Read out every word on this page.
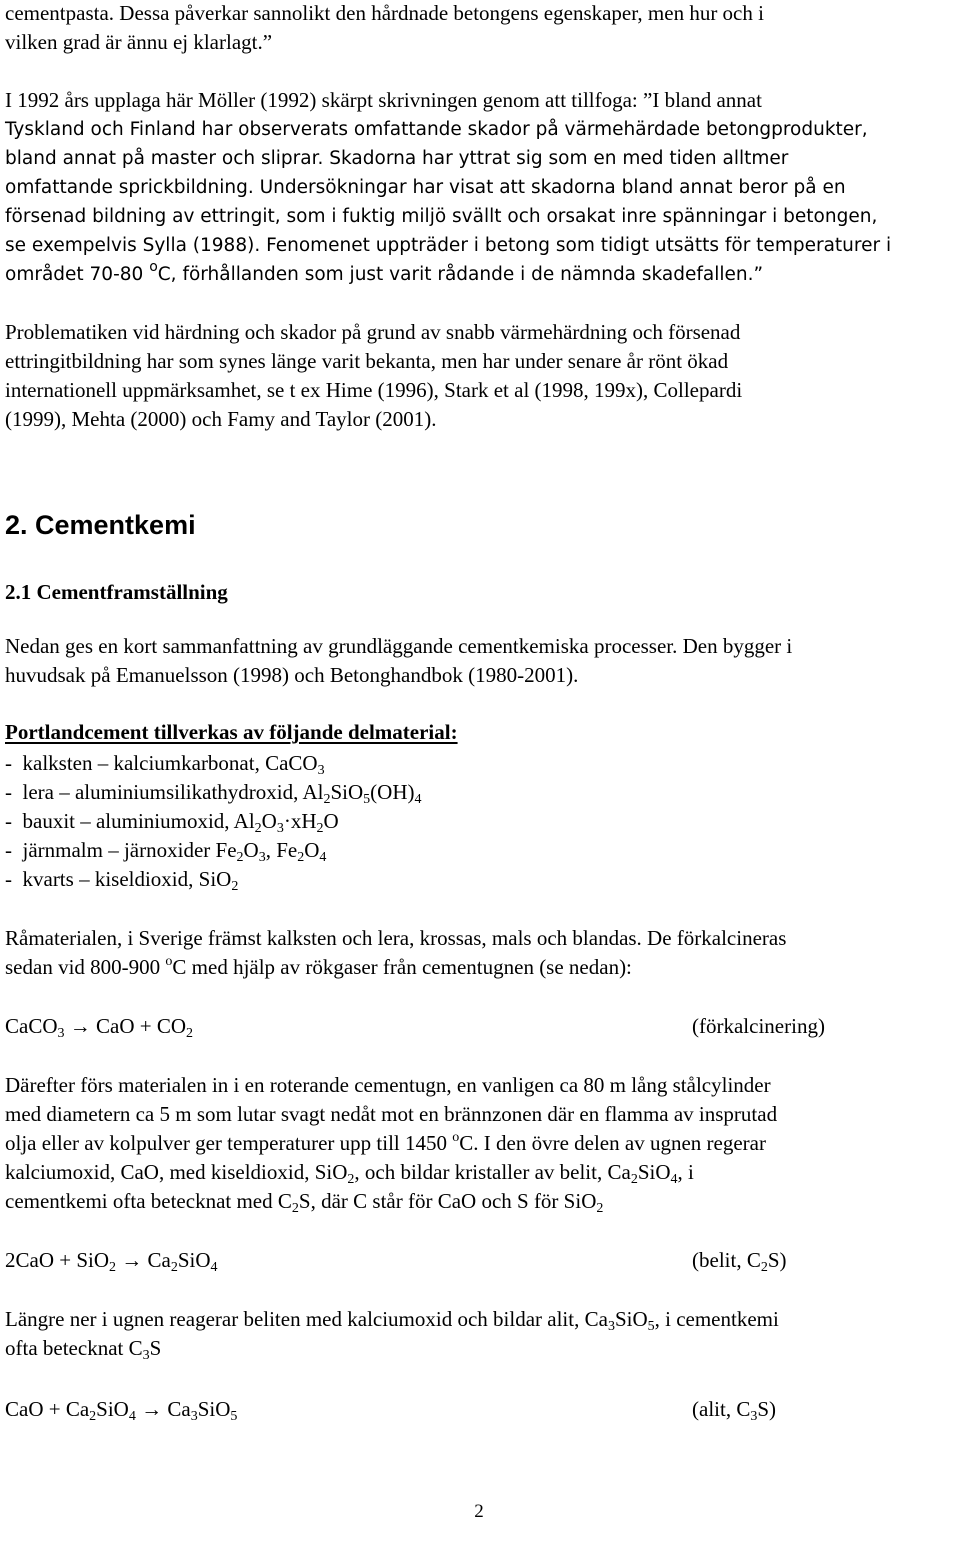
cementpasta. Dessa påverkar sannolikt den hårdnade betongens egenskaper, men hur och i
vilken grad är ännu ej klarlagt.”
I 1992 års upplaga här Möller (1992) skärpt skrivningen genom att tillfoga: ”I bland annat
Tyskland och Finland har observerats omfattande skador på värmehärdade betongprodukter,
bland annat på master och sliprar. Skadorna har yttrat sig som en med tiden alltmer
omfattande sprickbildning. Undersökningar har visat att skadorna bland annat beror på en
försenad bildning av ettringit, som i fuktig miljö svällt och orsakat inre spänningar i betongen,
se exempelvis Sylla (1988). Fenomenet uppträder i betong som tidigt utsätts för temperaturer i
området 70-80 $^o$C, förhållanden som just varit rådande i de nämnda skadefallen.”
Problematiken vid härdning och skador på grund av snabb värmehärdning och försenad
ettringitbildning har som synes länge varit bekanta, men har under senare år rönt ökad
internationell uppmärksamhet, se t ex Hime (1996), Stark et al (1998, 199x), Collepardi
(1999), Mehta (2000) och Famy and Taylor (2001).
2. Cementkemi
2.1 Cementframställning
Nedan ges en kort sammanfattning av grundläggande cementkemiska processer. Den bygger i
huvudsak på Emanuelsson (1998) och Betonghandbok (1980-2001).
Portlandcement tillverkas av följande delmaterial:
-  kalksten – kalciumkarbonat, CaCO$_3$
-  lera – aluminiumsilikathydroxid, $Al_2SiO_5(OH)_4$
-  bauxit – aluminiumoxid, $Al_2O_3\cdot xH_2O$
-  järnmalm – järnoxider $Fe_2O_3$, $Fe_2O_4$
-  kvarts – kiseldioxid, SiO$_2$
Råmaterialen, i Sverige främst kalksten och lera, krossas, mals och blandas. De förkalcineras
sedan vid 800-900 $^o$C med hjälp av rökgaser från cementugnen (se nedan):
CaCO$_3$ → CaO + $CO_2$	(förkalcinering)
Därefter förs materialen in i en roterande cementugn, en vanligen ca 80 m lång stålcylinder
med diametern ca 5 m som lutar svagt nedåt mot en brännzonen där en flamma av insprutad
olja eller av kolpulver ger temperaturer upp till 1450 $^o$C. I den övre delen av ugnen regerar
kalciumoxid, CaO, med kiseldioxid, SiO$_2$, och bildar kristaller av belit, $Ca_2SiO_4$, i
cementkemi ofta betecknat med $C_2S$, där C står för CaO och S för SiO$_2$
$2CaO + SiO_2 \to Ca_2SiO_4$	(belit, $C_2S$)
Längre ner i ugnen reagerar beliten med kalciumoxid och bildar alit, $Ca_3SiO_5$, i cementkemi
ofta betecknat $C_3S$
CaO + $Ca_2SiO_4 \to Ca_3SiO_5$	(alit, $C_3S$)
2
